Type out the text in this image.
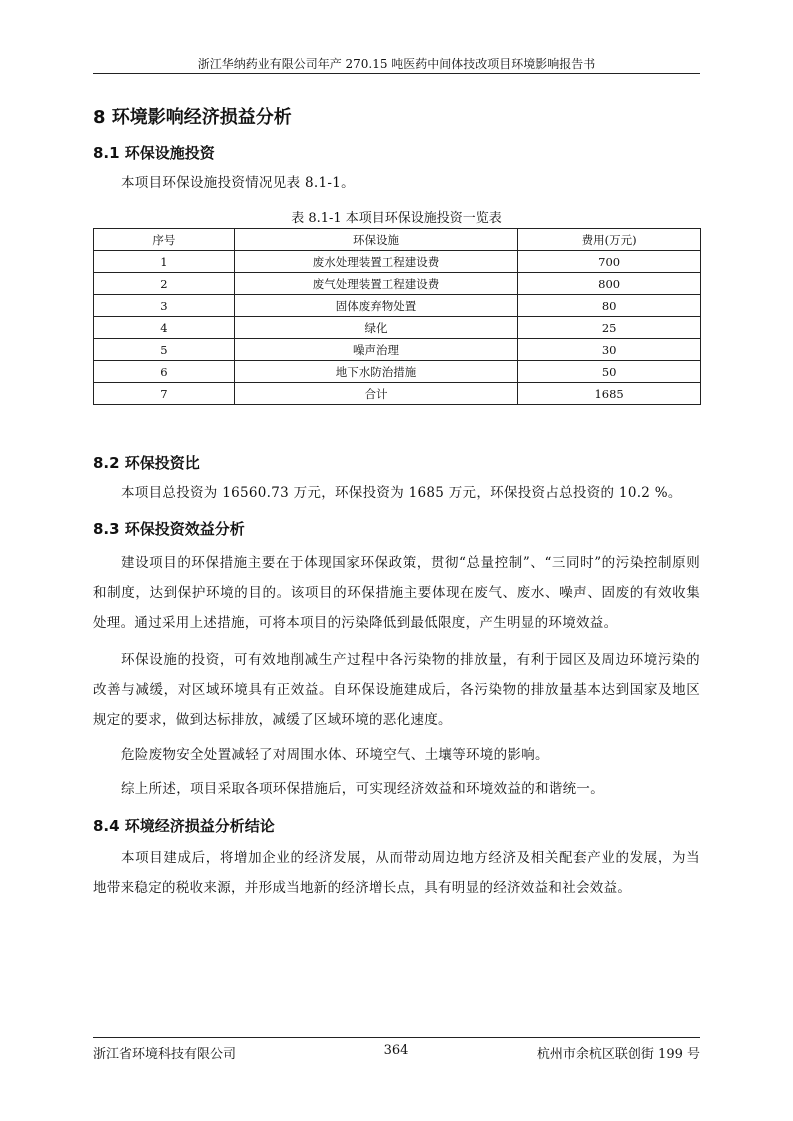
浙江华纳药业有限公司年产 270.15 吨医药中间体技改项目环境影响报告书
8 环境影响经济损益分析
8.1 环保设施投资

本项目环保设施投资情况见表 8.1-1。

表 8.1-1 本项目环保设施投资一览表
序号	环保设施	费用(万元)
1	废水处理装置工程建设费	700
2	废气处理装置工程建设费	800
3	固体废弃物处置	80
4	绿化	25
5	噪声治理	30
6	地下水防治措施	50
7	合计	1685
8.2 环保投资比

本项目总投资为 16560.73 万元，环保投资为 1685 万元，环保投资占总投资的 10.2 %。

8.3 环保投资效益分析

建设项目的环保措施主要在于体现国家环保政策，贯彻“总量控制”、“三同时”的污染控制原则和制度，达到保护环境的目的。该项目的环保措施主要体现在废气、废水、噪声、固废的有效收集处理。通过采用上述措施，可将本项目的污染降低到最低限度，产生明显的环境效益。

环保设施的投资，可有效地削减生产过程中各污染物的排放量，有利于园区及周边环境污染的改善与减缓，对区域环境具有正效益。自环保设施建成后，各污染物的排放量基本达到国家及地区规定的要求，做到达标排放，减缓了区域环境的恶化速度。

危险废物安全处置减轻了对周围水体、环境空气、土壤等环境的影响。

综上所述，项目采取各项环保措施后，可实现经济效益和环境效益的和谐统一。

8.4 环境经济损益分析结论

本项目建成后，将增加企业的经济发展，从而带动周边地方经济及相关配套产业的发展，为当地带来稳定的税收来源，并形成当地新的经济增长点，具有明显的经济效益和社会效益。

浙江省环境科技有限公司	364	杭州市余杭区联创街 199 号
